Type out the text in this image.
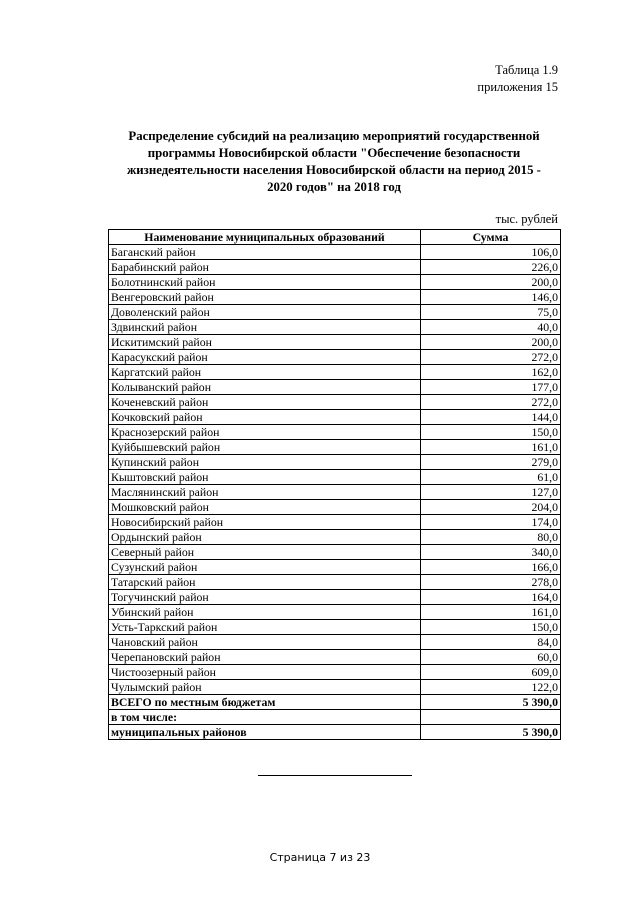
Таблица 1.9
приложения 15
Распределение субсидий на реализацию мероприятий государственной
программы Новосибирской области "Обеспечение безопасности
жизнедеятельности населения Новосибирской области на период 2015 -
2020 годов" на 2018 год
тыс. рублей
Наименование муниципальных образований	Сумма
Баганский район	106,0
Барабинский район	226,0
Болотнинский район	200,0
Венгеровский район	146,0
Доволенский район	75,0
Здвинский район	40,0
Искитимский район	200,0
Карасукский район	272,0
Каргатский район	162,0
Колыванский район	177,0
Коченевский район	272,0
Кочковский район	144,0
Краснозерский район	150,0
Куйбышевский район	161,0
Купинский район	279,0
Кыштовский район	61,0
Маслянинский район	127,0
Мошковский район	204,0
Новосибирский район	174,0
Ордынский район	80,0
Северный район	340,0
Сузунский район	166,0
Татарский район	278,0
Тогучинский район	164,0
Убинский район	161,0
Усть-Таркский район	150,0
Чановский район	84,0
Черепановский район	60,0
Чистоозерный район	609,0
Чулымский район	122,0
ВСЕГО по местным бюджетам	5 390,0
в том числе:	
муниципальных районов	5 390,0
Страница 7 из 23
